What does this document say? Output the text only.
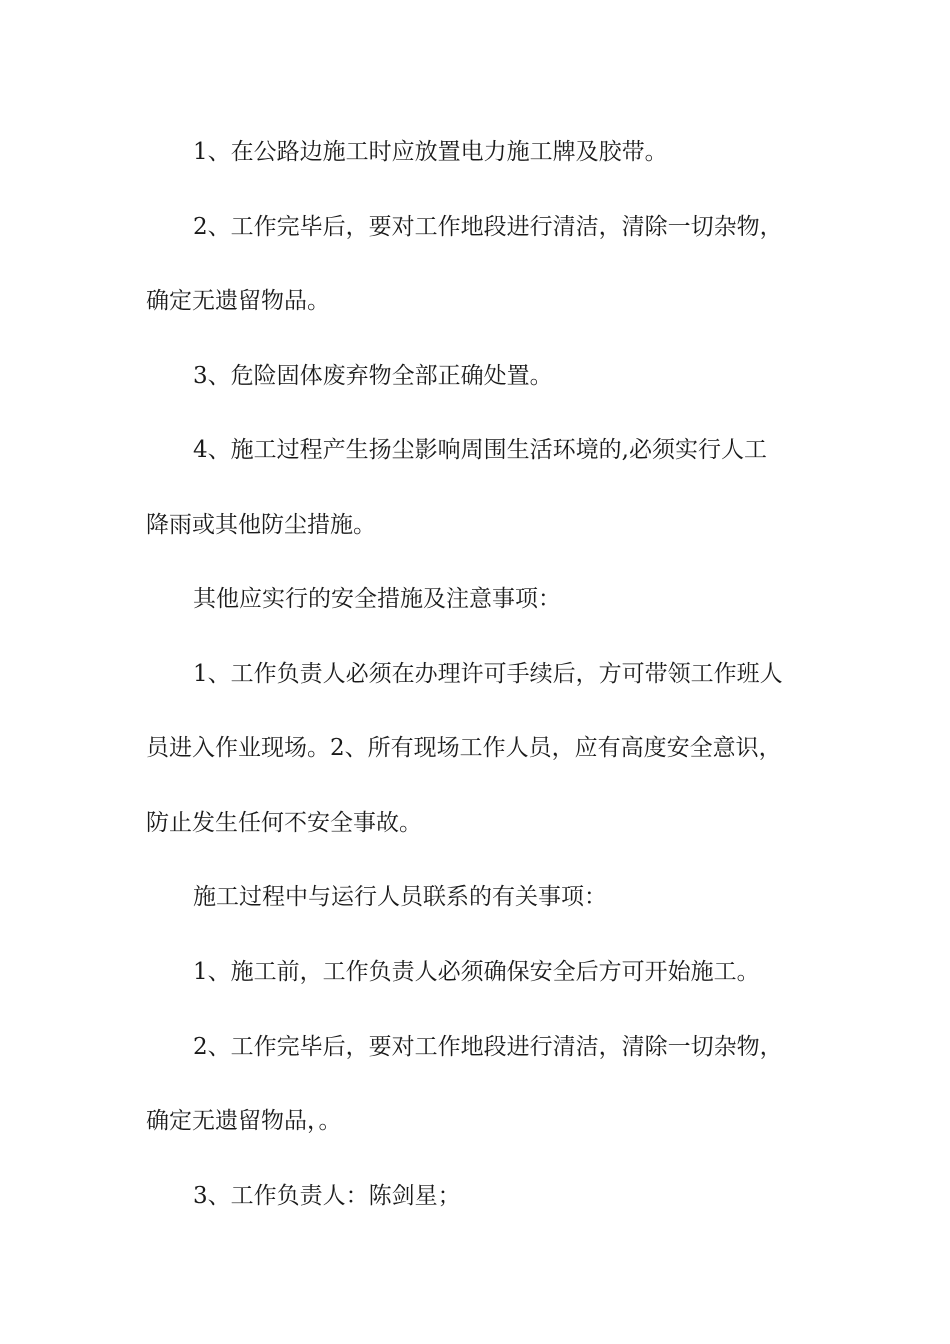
1、在公路边施工时应放置电力施工牌及胶带。
2、工作完毕后，要对工作地段进行清洁，清除一切杂物，
确定无遗留物品。
3、危险固体废弃物全部正确处置。
4、施工过程产生扬尘影响周围生活环境的,必须实行人工
降雨或其他防尘措施。
其他应实行的安全措施及注意事项：
1、工作负责人必须在办理许可手续后，方可带领工作班人
员进入作业现场。2、所有现场工作人员，应有高度安全意识，
防止发生任何不安全事故。
施工过程中与运行人员联系的有关事项：
1、施工前，工作负责人必须确保安全后方可开始施工。
2、工作完毕后，要对工作地段进行清洁，清除一切杂物，
确定无遗留物品，。
3、工作负责人：陈剑星；
